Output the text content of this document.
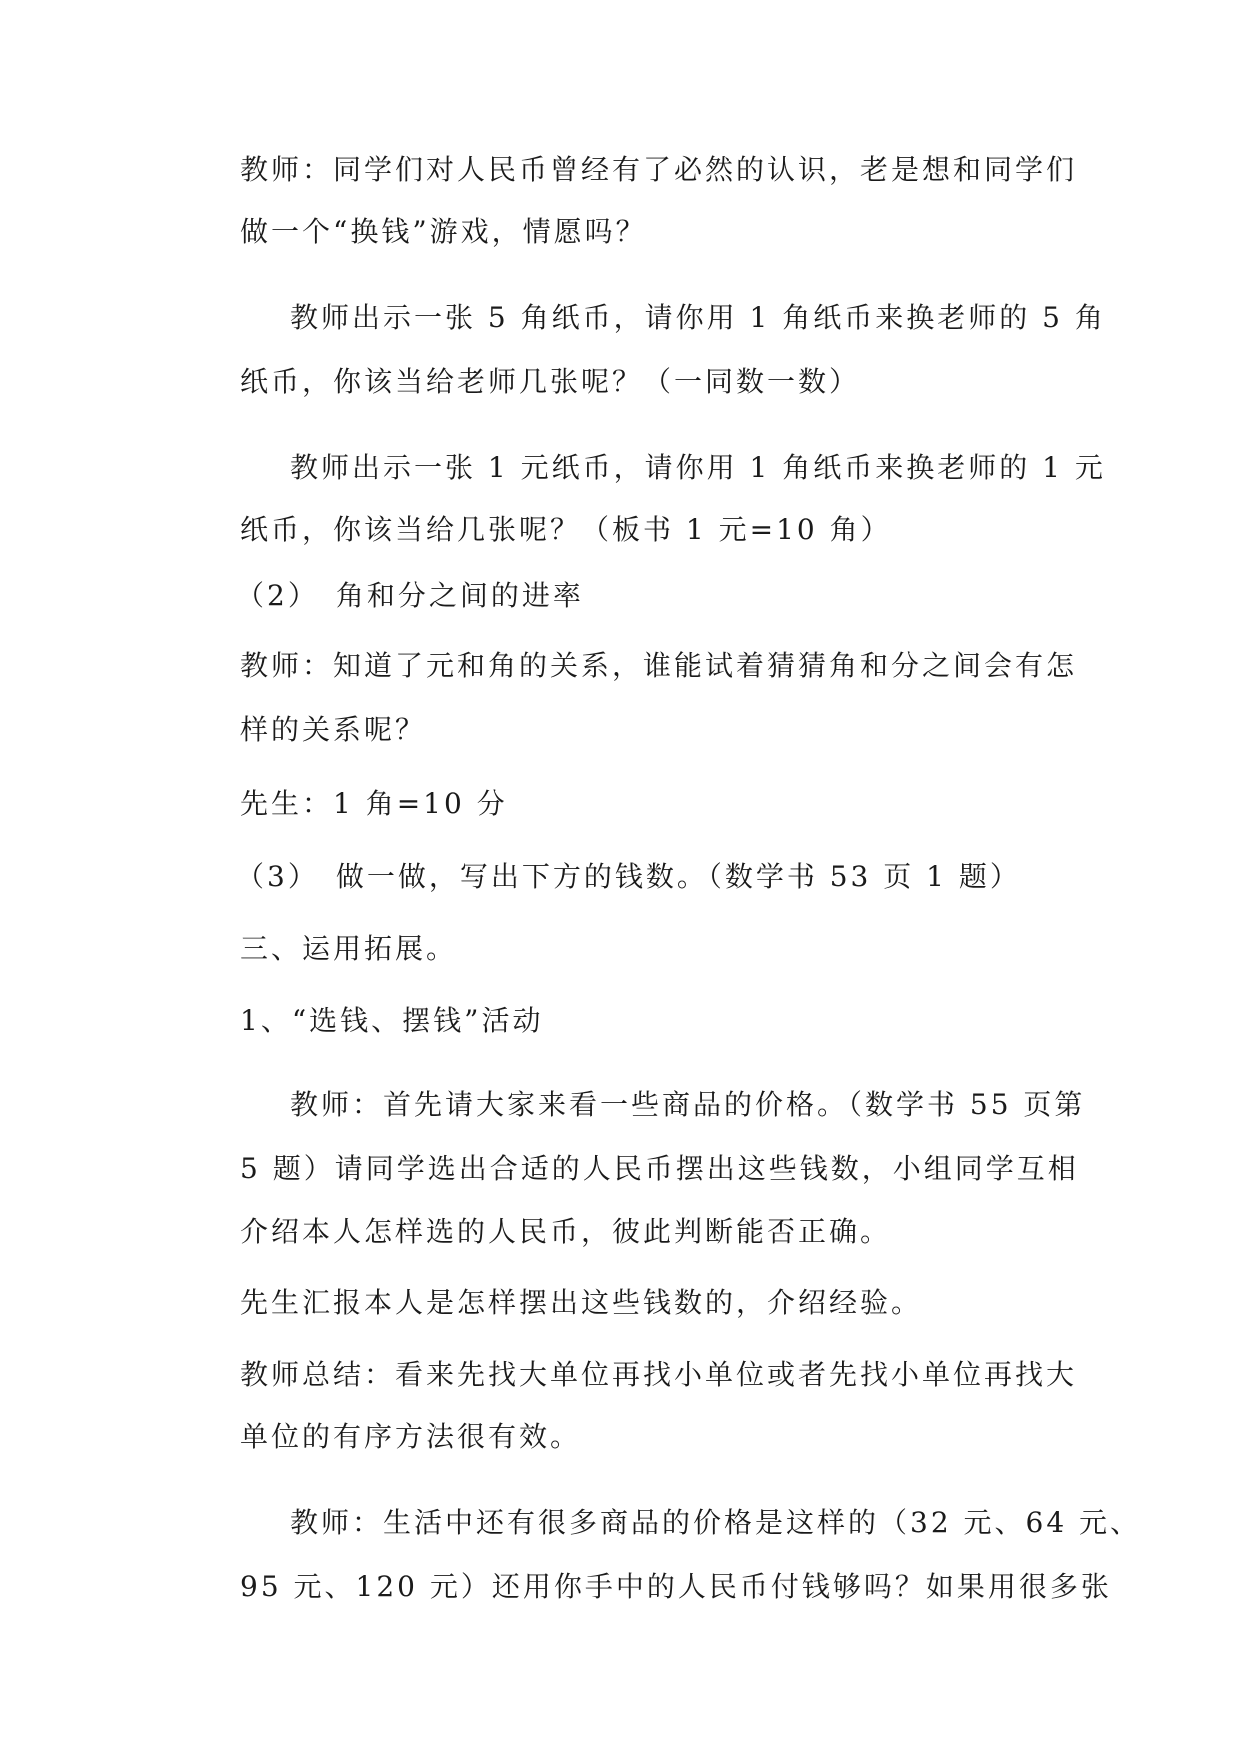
教师：同学们对人民币曾经有了必然的认识，老是想和同学们
做一个“换钱”游戏，情愿吗？
教师出示一张 5 角纸币，请你用 1 角纸币来换老师的 5 角
纸币，你该当给老师几张呢？（一同数一数）
教师出示一张 1 元纸币，请你用 1 角纸币来换老师的 1 元
纸币，你该当给几张呢？（板书 1 元=10 角）
（2）　角和分之间的进率
教师：知道了元和角的关系，谁能试着猜猜角和分之间会有怎
样的关系呢？
先生：1 角=10 分
（3）　做一做，写出下方的钱数。（数学书 53 页 1 题）
三、运用拓展。
1、“选钱、摆钱”活动
教师：首先请大家来看一些商品的价格。（数学书 55 页第
5 题）请同学选出合适的人民币摆出这些钱数，小组同学互相
介绍本人怎样选的人民币，彼此判断能否正确。
先生汇报本人是怎样摆出这些钱数的，介绍经验。
教师总结：看来先找大单位再找小单位或者先找小单位再找大
单位的有序方法很有效。
教师：生活中还有很多商品的价格是这样的（32 元、64 元、
95 元、120 元）还用你手中的人民币付钱够吗？如果用很多张
